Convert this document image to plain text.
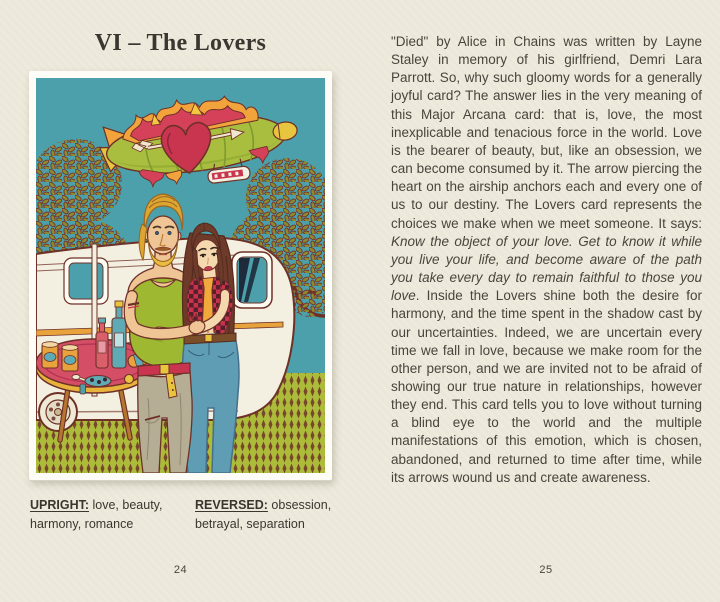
VI – The Lovers

UPRIGHT: love, beauty, harmony, romance

REVERSED: obsession, betrayal, separation

24

"Died" by Alice in Chains was written by Layne Staley in memory of his girlfriend, Demri Lara Parrott. So, why such gloomy words for a generally joyful card? The answer lies in the very meaning of this Major Arcana card: that is, love, the most inexplicable and tenacious force in the world. Love is the bearer of beauty, but, like an obsession, we can become consumed by it. The arrow piercing the heart on the airship anchors each and every one of us to our destiny. The Lovers card represents the choices we make when we meet someone. It says: Know the object of your love. Get to know it while you live your life, and become aware of the path you take every day to remain faithful to those you love. Inside the Lovers shine both the desire for harmony, and the time spent in the shadow cast by our uncertainties. Indeed, we are uncertain every time we fall in love, because we make room for the other person, and we are invited not to be afraid of showing our true nature in relationships, however they end. This card tells you to love without turning a blind eye to the world and the multiple manifestations of this emotion, which is chosen, abandoned, and returned to time after time, while its arrows wound us and create awareness.

25
